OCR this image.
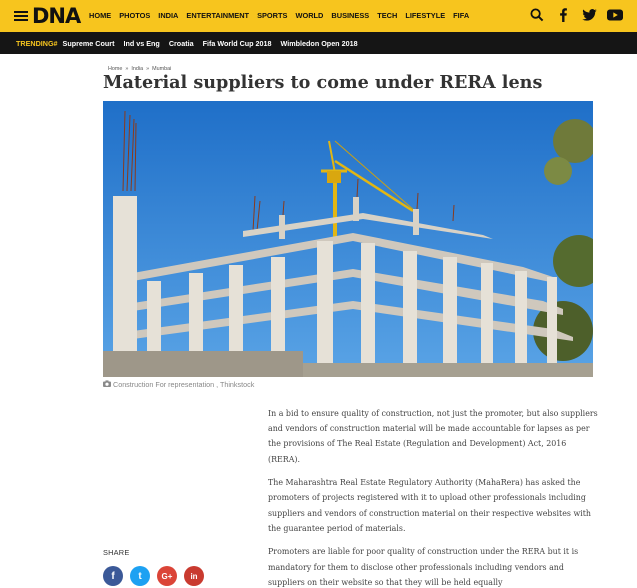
DNA HOME PHOTOS INDIA ENTERTAINMENT SPORTS WORLD BUSINESS TECH LIFESTYLE FIFA
TRENDING# Supreme Court Ind vs Eng Croatia Fifa World Cup 2018 Wimbledon Open 2018
Home » India » Mumbai
Material suppliers to come under RERA lens
Construction For representation , Thinkstock

In a bid to ensure quality of construction, not just the promoter, but also suppliers and vendors of construction material will be made accountable for lapses as per the provisions of The Real Estate (Regulation and Development) Act, 2016 (RERA).

The Maharashtra Real Estate Regulatory Authority (MahaRera) has asked the promoters of projects registered with it to upload other professionals including suppliers and vendors of construction material on their respective websites with the guarantee period of materials.

Promoters are liable for poor quality of construction under the RERA but it is mandatory for them to disclose other professionals including vendors and suppliers on their website so that they will be held equally

SHARE
f	t	G+	in
